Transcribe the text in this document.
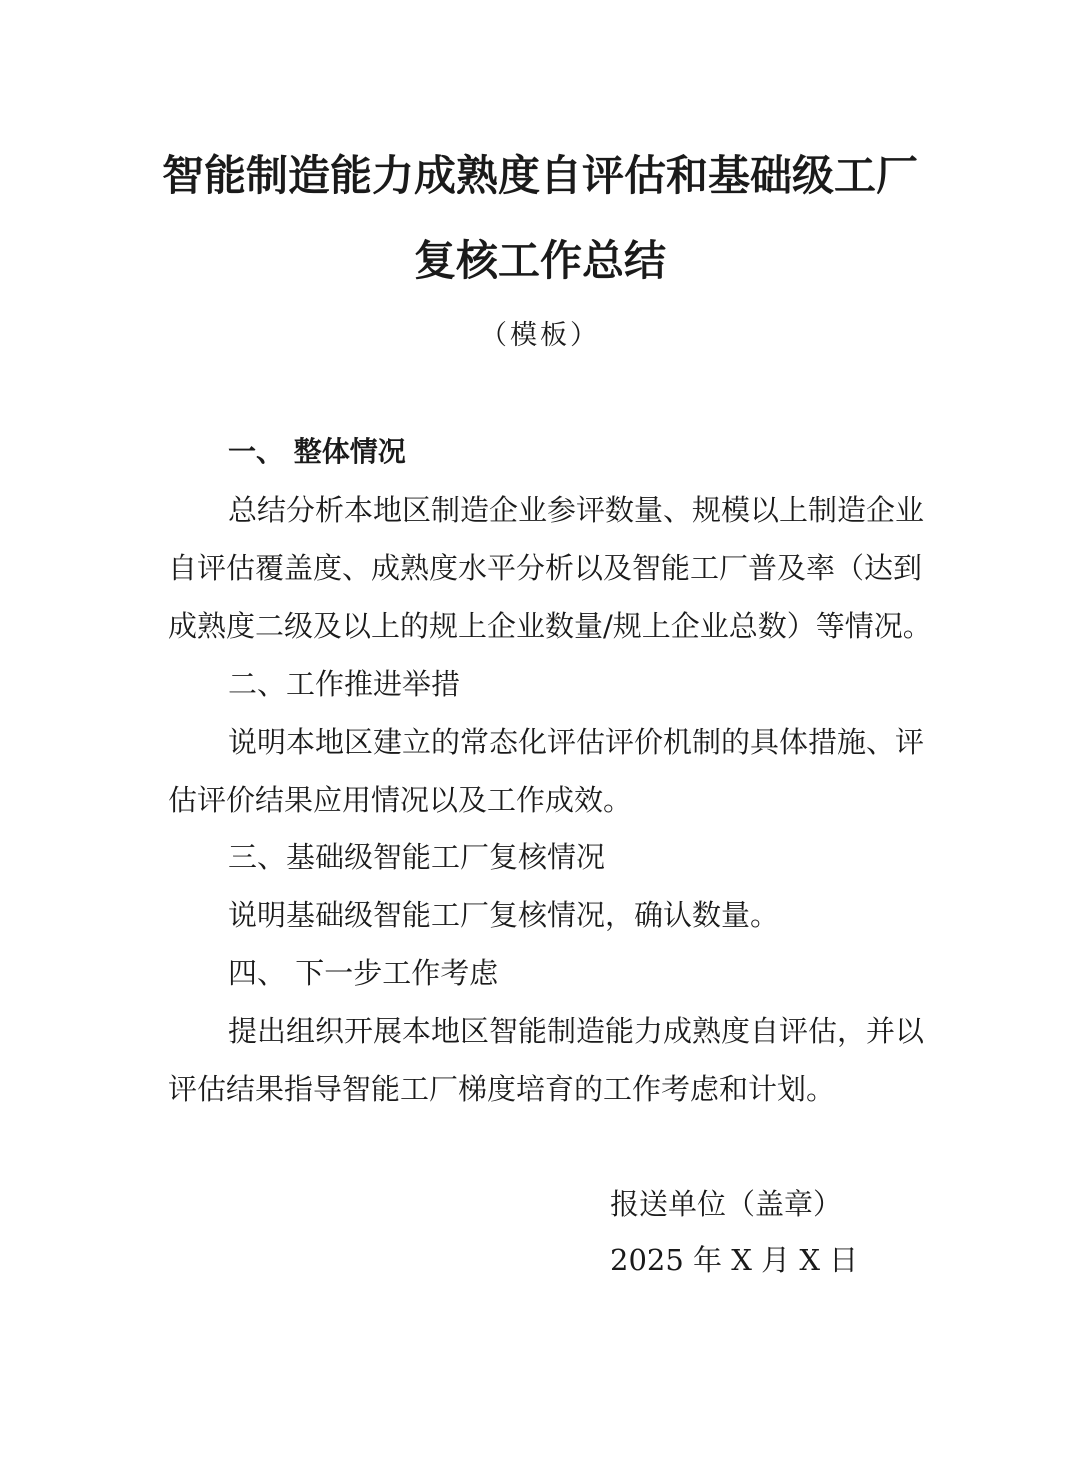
智能制造能力成熟度自评估和基础级工厂
复核工作总结
（模板）
一、 整体情况
总结分析本地区制造企业参评数量、规模以上制造企业
自评估覆盖度、成熟度水平分析以及智能工厂普及率（达到
成熟度二级及以上的规上企业数量/规上企业总数）等情况。
二、工作推进举措
说明本地区建立的常态化评估评价机制的具体措施、评
估评价结果应用情况以及工作成效。
三、基础级智能工厂复核情况
说明基础级智能工厂复核情况，确认数量。
四、 下一步工作考虑
提出组织开展本地区智能制造能力成熟度自评估，并以
评估结果指导智能工厂梯度培育的工作考虑和计划。
报送单位（盖章）
2025 年 X 月 X 日
